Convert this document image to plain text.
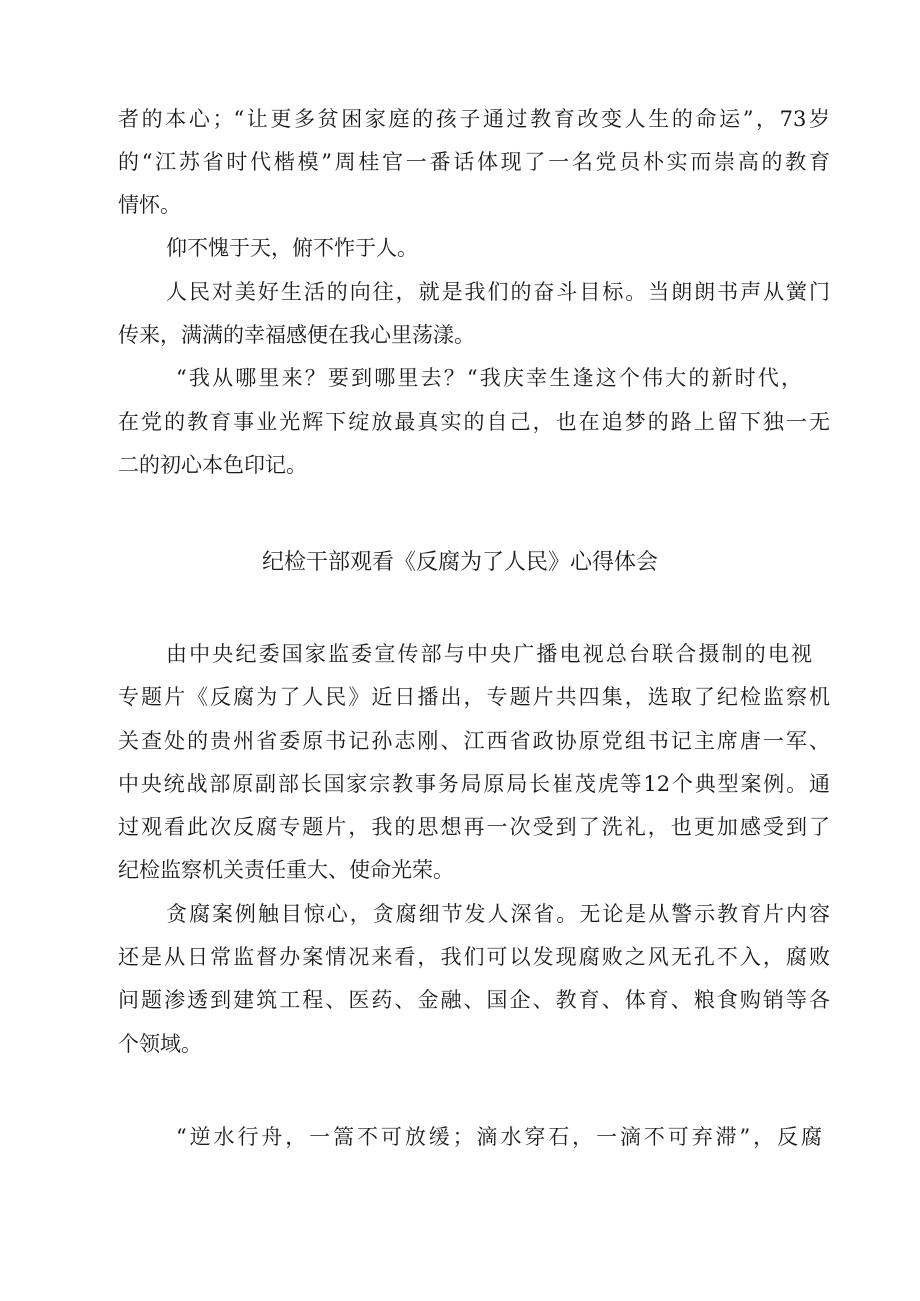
者的本心；“让更多贫困家庭的孩子通过教育改变人生的命运”，73岁

的“江苏省时代楷模”周桂官一番话体现了一名党员朴实而崇高的教育

情怀。

仰不愧于天，俯不怍于人。

人民对美好生活的向往，就是我们的奋斗目标。当朗朗书声从黉门

传来，满满的幸福感便在我心里荡漾。

“我从哪里来？要到哪里去？“我庆幸生逢这个伟大的新时代，

在党的教育事业光辉下绽放最真实的自己，也在追梦的路上留下独一无

二的初心本色印记。

纪检干部观看《反腐为了人民》心得体会

由中央纪委国家监委宣传部与中央广播电视总台联合摄制的电视

专题片《反腐为了人民》近日播出，专题片共四集，选取了纪检监察机

关查处的贵州省委原书记孙志刚、江西省政协原党组书记主席唐一军、

中央统战部原副部长国家宗教事务局原局长崔茂虎等12个典型案例。通

过观看此次反腐专题片，我的思想再一次受到了洗礼，也更加感受到了

纪检监察机关责任重大、使命光荣。

贪腐案例触目惊心，贪腐细节发人深省。无论是从警示教育片内容

还是从日常监督办案情况来看，我们可以发现腐败之风无孔不入，腐败

问题渗透到建筑工程、医药、金融、国企、教育、体育、粮食购销等各

个领域。

“逆水行舟，一篙不可放缓；滴水穿石，一滴不可弃滞”，反腐
